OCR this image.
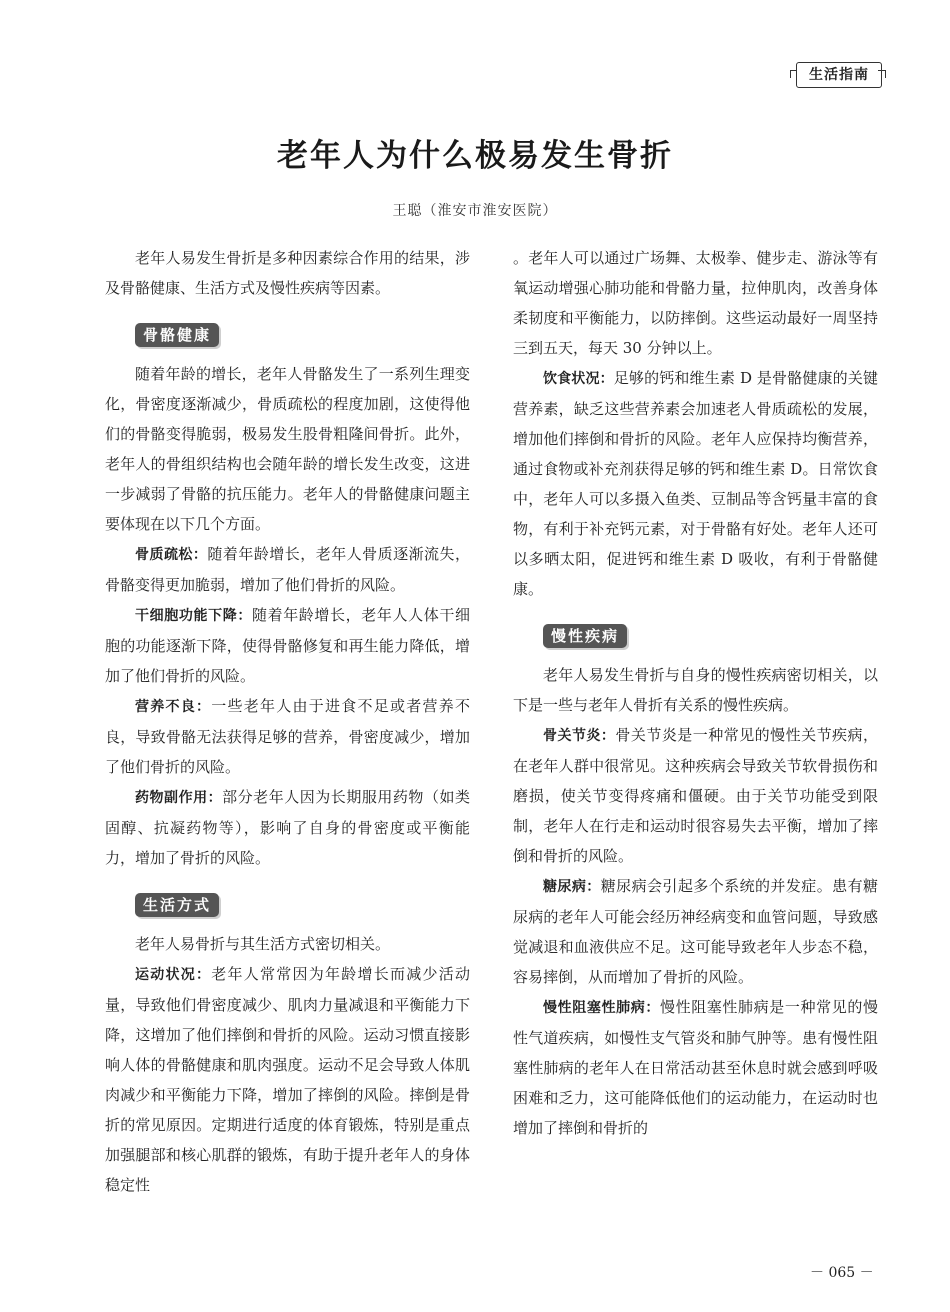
生活指南
老年人为什么极易发生骨折
王聪（淮安市淮安医院）

老年人易发生骨折是多种因素综合作用的结果，涉及骨骼健康、生活方式及慢性疾病等因素。

骨骼健康

随着年龄的增长，老年人骨骼发生了一系列生理变化，骨密度逐渐减少，骨质疏松的程度加剧，这使得他们的骨骼变得脆弱，极易发生股骨粗隆间骨折。此外，老年人的骨组织结构也会随年龄的增长发生改变，这进一步减弱了骨骼的抗压能力。老年人的骨骼健康问题主要体现在以下几个方面。

骨质疏松：随着年龄增长，老年人骨质逐渐流失，骨骼变得更加脆弱，增加了他们骨折的风险。

干细胞功能下降：随着年龄增长，老年人人体干细胞的功能逐渐下降，使得骨骼修复和再生能力降低，增加了他们骨折的风险。

营养不良：一些老年人由于进食不足或者营养不良，导致骨骼无法获得足够的营养，骨密度减少，增加了他们骨折的风险。

药物副作用：部分老年人因为长期服用药物（如类固醇、抗凝药物等），影响了自身的骨密度或平衡能力，增加了骨折的风险。

生活方式

老年人易骨折与其生活方式密切相关。

运动状况：老年人常常因为年龄增长而减少活动量，导致他们骨密度减少、肌肉力量减退和平衡能力下降，这增加了他们摔倒和骨折的风险。运动习惯直接影响人体的骨骼健康和肌肉强度。运动不足会导致人体肌肉减少和平衡能力下降，增加了摔倒的风险。摔倒是骨折的常见原因。定期进行适度的体育锻炼，特别是重点加强腿部和核心肌群的锻炼，有助于提升老年人的身体稳定性

。老年人可以通过广场舞、太极拳、健步走、游泳等有氧运动增强心肺功能和骨骼力量，拉伸肌肉，改善身体柔韧度和平衡能力，以防摔倒。这些运动最好一周坚持三到五天，每天 30 分钟以上。

饮食状况：足够的钙和维生素 D 是骨骼健康的关键营养素，缺乏这些营养素会加速老人骨质疏松的发展，增加他们摔倒和骨折的风险。老年人应保持均衡营养，通过食物或补充剂获得足够的钙和维生素 D。日常饮食中，老年人可以多摄入鱼类、豆制品等含钙量丰富的食物，有利于补充钙元素，对于骨骼有好处。老年人还可以多晒太阳，促进钙和维生素 D 吸收，有利于骨骼健康。

慢性疾病

老年人易发生骨折与自身的慢性疾病密切相关，以下是一些与老年人骨折有关系的慢性疾病。

骨关节炎：骨关节炎是一种常见的慢性关节疾病，在老年人群中很常见。这种疾病会导致关节软骨损伤和磨损，使关节变得疼痛和僵硬。由于关节功能受到限制，老年人在行走和运动时很容易失去平衡，增加了摔倒和骨折的风险。

糖尿病：糖尿病会引起多个系统的并发症。患有糖尿病的老年人可能会经历神经病变和血管问题，导致感觉减退和血液供应不足。这可能导致老年人步态不稳，容易摔倒，从而增加了骨折的风险。

慢性阻塞性肺病：慢性阻塞性肺病是一种常见的慢性气道疾病，如慢性支气管炎和肺气肿等。患有慢性阻塞性肺病的老年人在日常活动甚至休息时就会感到呼吸困难和乏力，这可能降低他们的运动能力，在运动时也增加了摔倒和骨折的

－ 065 －
